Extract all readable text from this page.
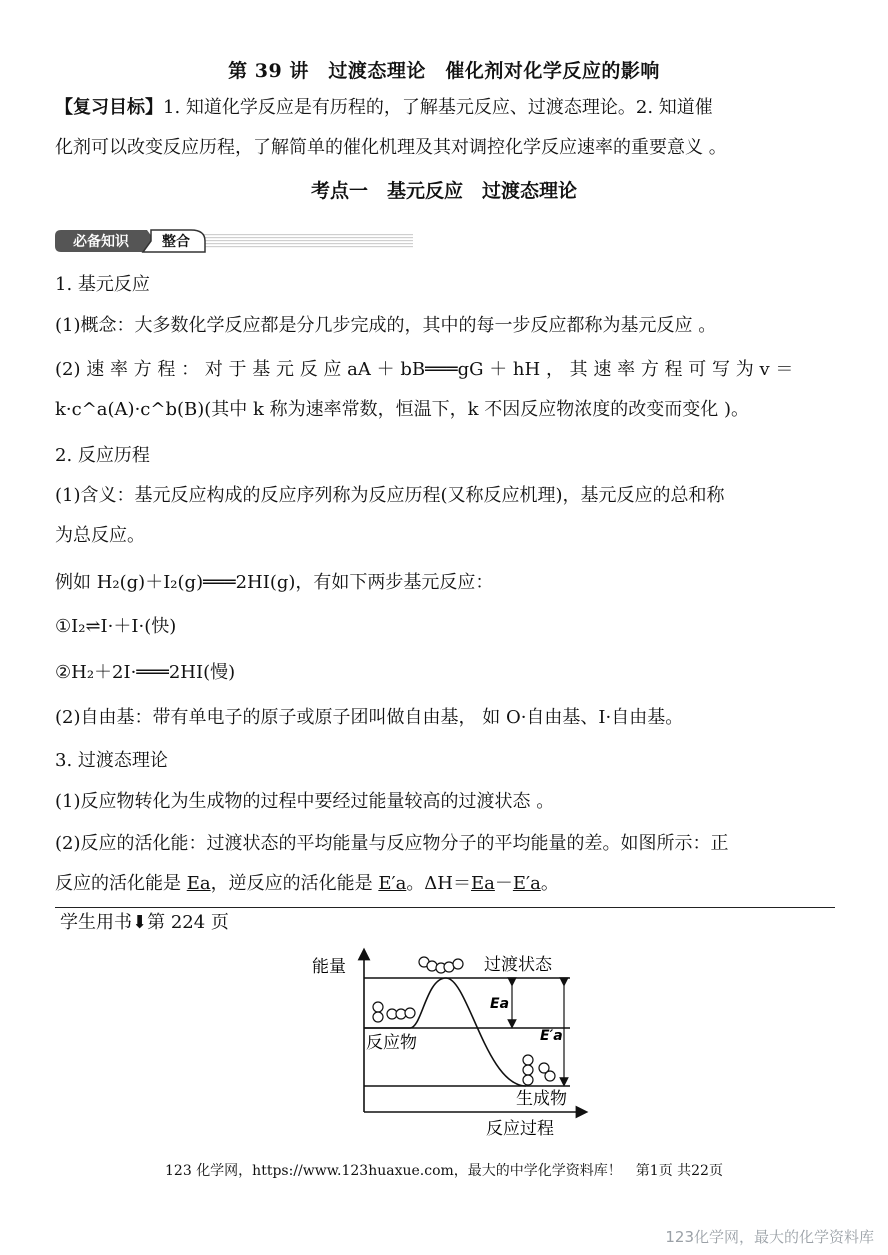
第 39 讲　过渡态理论　催化剂对化学反应的影响
【复习目标】1. 知道化学反应是有历程的，了解基元反应、过渡态理论。2. 知道催
化剂可以改变反应历程，了解简单的催化机理及其对调控化学反应速率的重要意义 。
考点一　基元反应　过渡态理论
必备知识 整合
1. 基元反应
(1)概念：大多数化学反应都是分几步完成的，其中的每一步反应都称为基元反应 。
(2) 速 率 方 程 ： 对 于 基 元 反 应 aA ＋ bB═══gG ＋ hH ， 其 速 率 方 程 可 写 为 v ＝
k·c^a(A)·c^b(B)(其中 k 称为速率常数，恒温下，k 不因反应物浓度的改变而变化 )。
2. 反应历程
(1)含义：基元反应构成的反应序列称为反应历程(又称反应机理)，基元反应的总和称
为总反应。
例如 H₂(g)＋I₂(g)═══2HI(g)，有如下两步基元反应：
①I₂⇌I·＋I·(快)
②H₂＋2I·═══2HI(慢)
(2)自由基：带有单电子的原子或原子团叫做自由基， 如 O·自由基、I·自由基。
3. 过渡态理论
(1)反应物转化为生成物的过程中要经过能量较高的过渡状态 。
(2)反应的活化能：过渡状态的平均能量与反应物分子的平均能量的差。如图所示：正
反应的活化能是 Ea，逆反应的活化能是 E′a。ΔH＝Ea－E′a。
学生用书⬇第 224 页
能量	过渡状态
反应物
生成物
反应过程
Ea
E′a
123 化学网，https://www.123huaxue.com，最大的中学化学资料库！　第1页 共22页
123化学网，最大的化学资料库
